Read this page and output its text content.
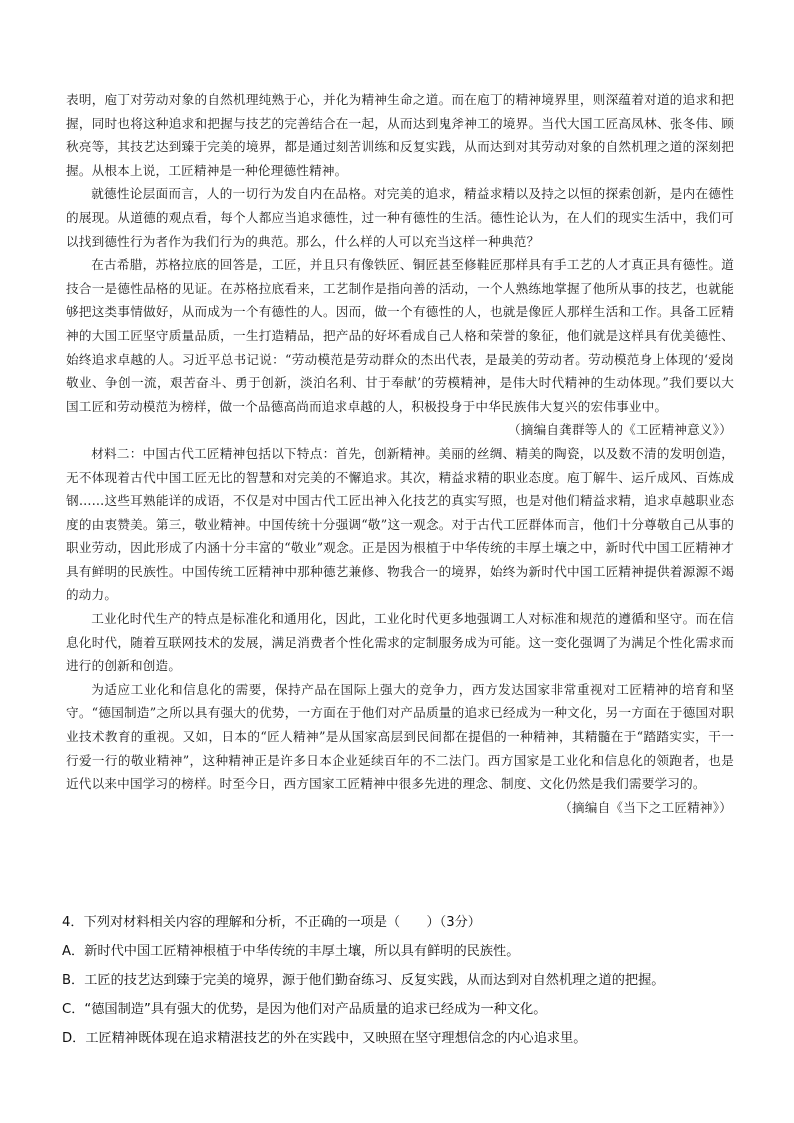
表明，庖丁对劳动对象的自然机理纯熟于心，并化为精神生命之道。而在庖丁的精神境界里，则深蕴着对道的追求和把握，同时也将这种追求和把握与技艺的完善结合在一起，从而达到鬼斧神工的境界。当代大国工匠高凤林、张冬伟、顾秋亮等，其技艺达到臻于完美的境界，都是通过刻苦训练和反复实践，从而达到对其劳动对象的自然机理之道的深刻把握。从根本上说，工匠精神是一种伦理德性精神。

就德性论层面而言，人的一切行为发自内在品格。对完美的追求，精益求精以及持之以恒的探索创新，是内在德性的展现。从道德的观点看，每个人都应当追求德性，过一种有德性的生活。德性论认为，在人们的现实生活中，我们可以找到德性行为者作为我们行为的典范。那么，什么样的人可以充当这样一种典范？

在古希腊，苏格拉底的回答是，工匠，并且只有像铁匠、铜匠甚至修鞋匠那样具有手工艺的人才真正具有德性。道技合一是德性品格的见证。在苏格拉底看来，工艺制作是指向善的活动，一个人熟练地掌握了他所从事的技艺，也就能够把这类事情做好，从而成为一个有德性的人。因而，做一个有德性的人，也就是像匠人那样生活和工作。具备工匠精神的大国工匠坚守质量品质，一生打造精品，把产品的好坏看成自己人格和荣誉的象征，他们就是这样具有优美德性、始终追求卓越的人。习近平总书记说：“劳动模范是劳动群众的杰出代表，是最美的劳动者。劳动模范身上体现的‘爱岗敬业、争创一流，艰苦奋斗、勇于创新，淡泊名利、甘于奉献’的劳模精神，是伟大时代精神的生动体现。”我们要以大国工匠和劳动模范为榜样，做一个品德高尚而追求卓越的人，积极投身于中华民族伟大复兴的宏伟事业中。

（摘编自龚群等人的《工匠精神意义》）

材料二：中国古代工匠精神包括以下特点：首先，创新精神。美丽的丝绸、精美的陶瓷，以及数不清的发明创造，无不体现着古代中国工匠无比的智慧和对完美的不懈追求。其次，精益求精的职业态度。庖丁解牛、运斤成风、百炼成钢……这些耳熟能详的成语，不仅是对中国古代工匠出神入化技艺的真实写照，也是对他们精益求精，追求卓越职业态度的由衷赞美。第三，敬业精神。中国传统十分强调“敬”这一观念。对于古代工匠群体而言，他们十分尊敬自己从事的职业劳动，因此形成了内涵十分丰富的“敬业”观念。正是因为根植于中华传统的丰厚土壤之中，新时代中国工匠精神才具有鲜明的民族性。中国传统工匠精神中那种德艺兼修、物我合一的境界，始终为新时代中国工匠精神提供着源源不竭的动力。

工业化时代生产的特点是标准化和通用化，因此，工业化时代更多地强调工人对标准和规范的遵循和坚守。而在信息化时代，随着互联网技术的发展，满足消费者个性化需求的定制服务成为可能。这一变化强调了为满足个性化需求而进行的创新和创造。

为适应工业化和信息化的需要，保持产品在国际上强大的竞争力，西方发达国家非常重视对工匠精神的培育和坚守。“德国制造”之所以具有强大的优势，一方面在于他们对产品质量的追求已经成为一种文化，另一方面在于德国对职业技术教育的重视。又如，日本的“匠人精神”是从国家高层到民间都在提倡的一种精神，其精髓在于“踏踏实实，干一行爱一行的敬业精神”，这种精神正是许多日本企业延续百年的不二法门。西方国家是工业化和信息化的领跑者，也是近代以来中国学习的榜样。时至今日，西方国家工匠精神中很多先进的理念、制度、文化仍然是我们需要学习的。

（摘编自《当下之工匠精神》）

4．下列对材料相关内容的理解和分析，不正确的一项是（　　）（3分）

A．新时代中国工匠精神根植于中华传统的丰厚土壤，所以具有鲜明的民族性。

B．工匠的技艺达到臻于完美的境界，源于他们勤奋练习、反复实践，从而达到对自然机理之道的把握。

C．“德国制造”具有强大的优势，是因为他们对产品质量的追求已经成为一种文化。

D．工匠精神既体现在追求精湛技艺的外在实践中，又映照在坚守理想信念的内心追求里。
